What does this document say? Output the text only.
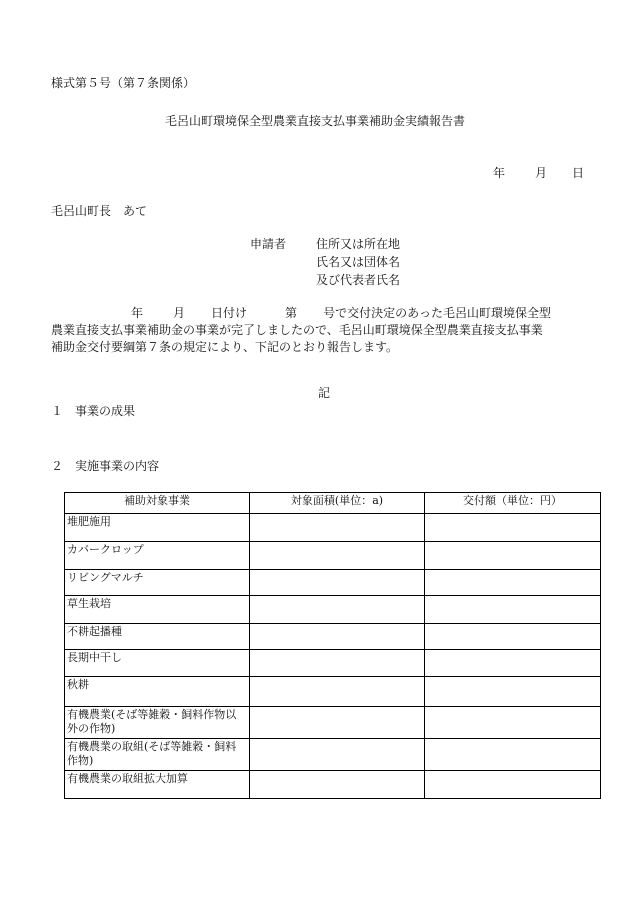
様式第５号（第７条関係）
毛呂山町環境保全型農業直接支払事業補助金実績報告書
年 月 日
毛呂山町長　あて
申請者 住所又は所在地
氏名又は団体名
及び代表者氏名
年	月 日付け	第 号で交付決定のあった毛呂山町環境保全型
農業直接支払事業補助金の事業が完了しましたので、毛呂山町環境保全型農業直接支払事業
補助金交付要綱第７条の規定により、下記のとおり報告します。
記
１　事業の成果
２　実施事業の内容
補助対象事業	対象面積(単位：a)	交付額（単位：円）
堆肥施用		
カバークロップ		
リビングマルチ		
草生栽培		
不耕起播種		
長期中干し		
秋耕		
有機農業(そば等雑穀・飼料作物以外の作物)		
有機農業の取組(そば等雑穀・飼料作物)		
有機農業の取組拡大加算		
